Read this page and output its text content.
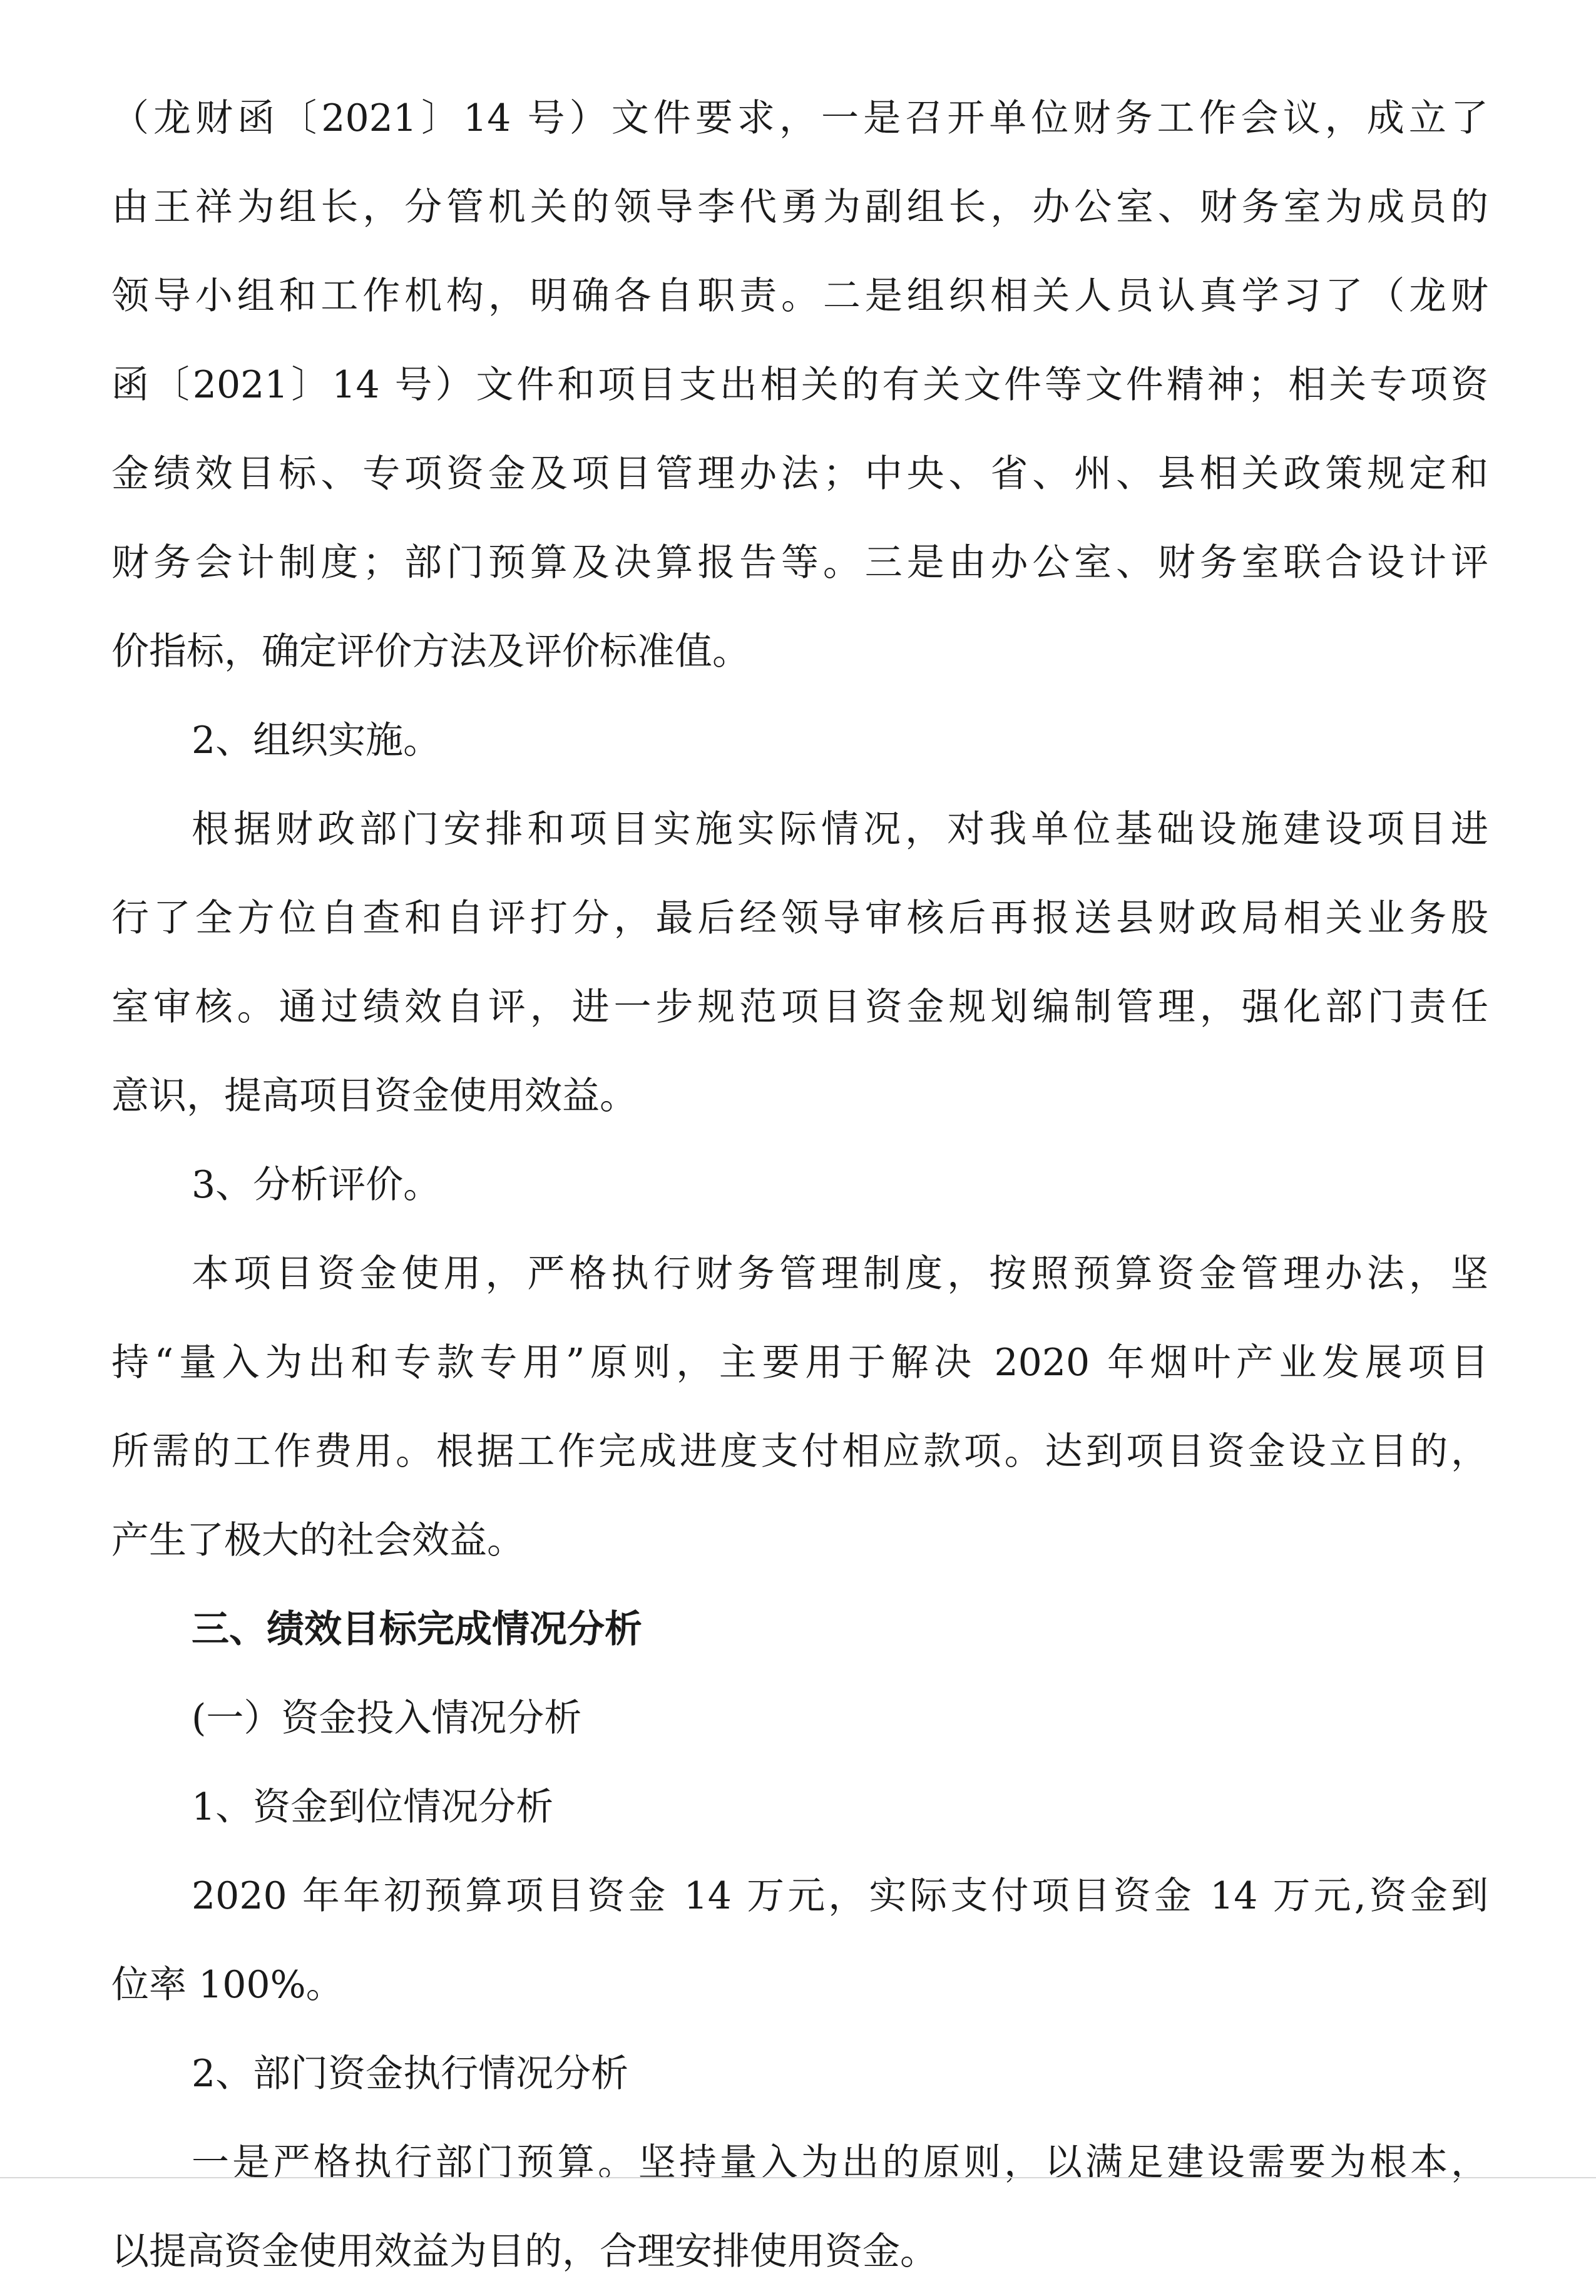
（龙财函〔2021〕14 号）文件要求，一是召开单位财务工作会议，成立了
由王祥为组长，分管机关的领导李代勇为副组长，办公室、财务室为成员的
领导小组和工作机构，明确各自职责。二是组织相关人员认真学习了（龙财
函〔2021〕14 号）文件和项目支出相关的有关文件等文件精神；相关专项资
金绩效目标、专项资金及项目管理办法；中央、省、州、县相关政策规定和
财务会计制度；部门预算及决算报告等。三是由办公室、财务室联合设计评
价指标，确定评价方法及评价标准值。
2、组织实施。
根据财政部门安排和项目实施实际情况，对我单位基础设施建设项目进
行了全方位自查和自评打分，最后经领导审核后再报送县财政局相关业务股
室审核。通过绩效自评，进一步规范项目资金规划编制管理，强化部门责任
意识，提高项目资金使用效益。
3、分析评价。
本项目资金使用，严格执行财务管理制度，按照预算资金管理办法，坚
持“量入为出和专款专用”原则，主要用于解决 2020 年烟叶产业发展项目
所需的工作费用。根据工作完成进度支付相应款项。达到项目资金设立目的，
产生了极大的社会效益。
三、绩效目标完成情况分析
(一）资金投入情况分析
1、资金到位情况分析
2020 年年初预算项目资金 14 万元，实际支付项目资金 14 万元,资金到
位率 100%。
2、部门资金执行情况分析
一是严格执行部门预算。坚持量入为出的原则，以满足建设需要为根本，
以提高资金使用效益为目的，合理安排使用资金。
